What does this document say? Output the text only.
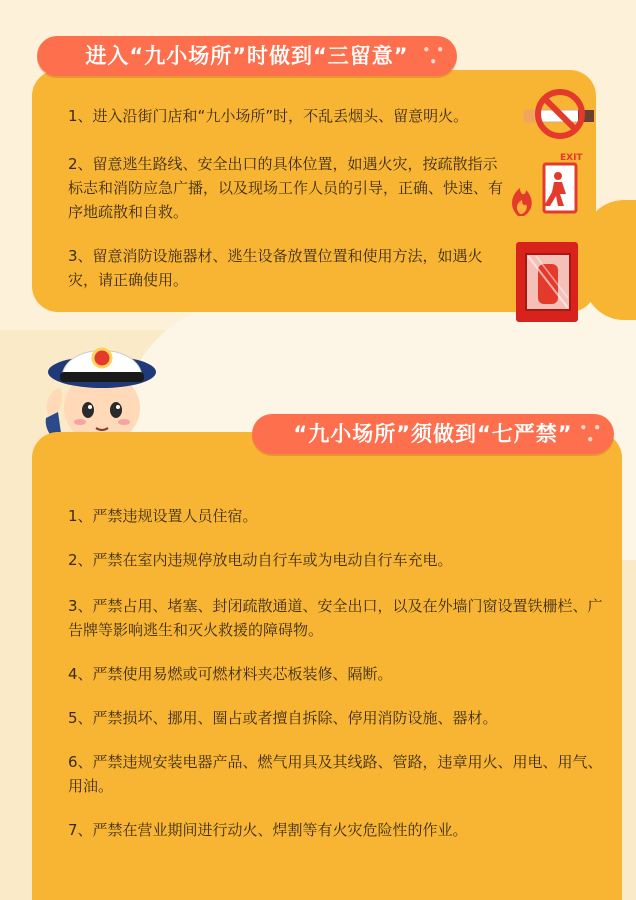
进入“九小场所”时做到“三留意” • •
•
1、进入沿街门店和“九小场所”时，不乱丢烟头、留意明火。
2、留意逃生路线、安全出口的具体位置，如遇火灾，按疏散指示标志和消防应急广播，以及现场工作人员的引导，正确、快速、有序地疏散和自救。
3、留意消防设施器材、逃生设备放置位置和使用方法，如遇火灾，请正确使用。
EXIT
1、严禁违规设置人员住宿。
2、严禁在室内违规停放电动自行车或为电动自行车充电。
3、严禁占用、堵塞、封闭疏散通道、安全出口，以及在外墙门窗设置铁栅栏、广告牌等影响逃生和灭火救援的障碍物。
4、严禁使用易燃或可燃材料夹芯板装修、隔断。
5、严禁损坏、挪用、圈占或者擅自拆除、停用消防设施、器材。
6、严禁违规安装电器产品、燃气用具及其线路、管路，违章用火、用电、用气、用油。
7、严禁在营业期间进行动火、焊割等有火灾危险性的作业。
“九小场所”须做到“七严禁” • •
•
